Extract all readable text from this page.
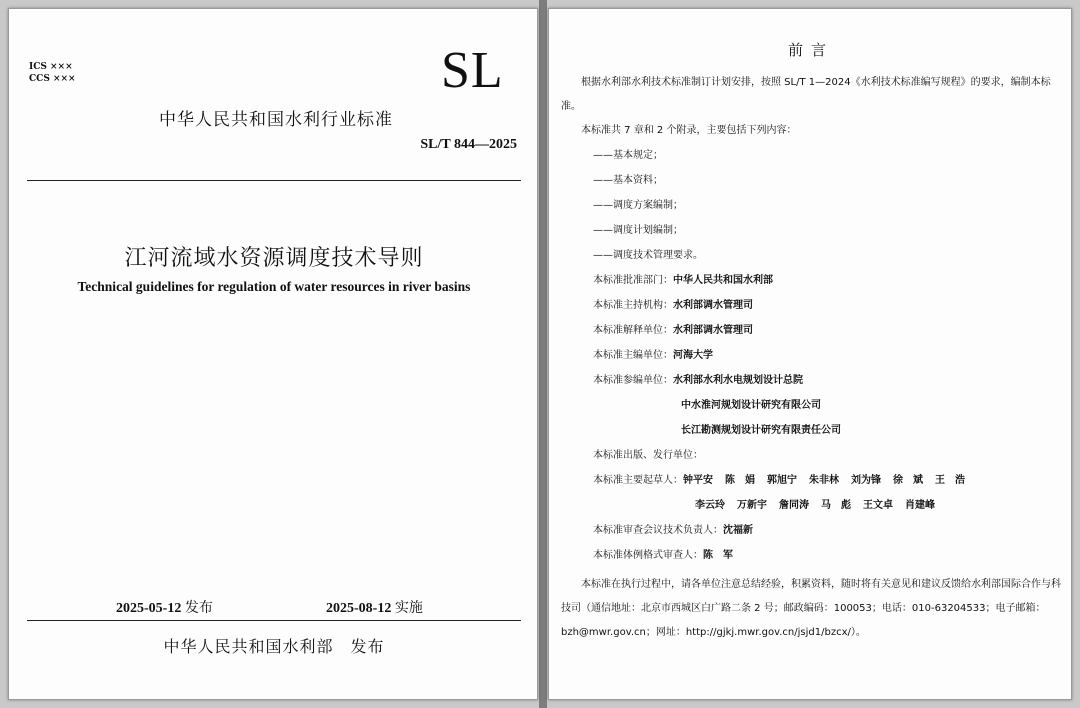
ICS ×××
CCS ×××	SL
中华人民共和国水利行业标准
SL/T 844—2025
江河流域水资源调度技术导则
Technical guidelines for regulation of water resources in river basins
2025-05-12 发布	2025-08-12 实施
中华人民共和国水利部　发布
前言
根据水利部水利技术标准制订计划安排，按照 SL/T 1—2024《水利技术标准编写规程》的要求，编制本标准。
本标准共 7 章和 2 个附录，主要包括下列内容：
——基本规定；
——基本资料；
——调度方案编制；
——调度计划编制；
——调度技术管理要求。
本标准批准部门：中华人民共和国水利部
本标准主持机构：水利部调水管理司
本标准解释单位：水利部调水管理司
本标准主编单位：河海大学
本标准参编单位：水利部水利水电规划设计总院
中水淮河规划设计研究有限公司
长江勘测规划设计研究有限责任公司
本标准出版、发行单位：
本标准主要起草人：钟平安 陈　娟 郭旭宁 朱非林 刘为锋 徐　斌 王　浩
李云玲 万新宇 詹同涛 马　彪 王文卓 肖建峰
本标准审查会议技术负责人：沈福新
本标准体例格式审查人：陈　军
本标准在执行过程中，请各单位注意总结经验，积累资料，随时将有关意见和建议反馈给水利部国际合作与科技司（通信地址：北京市西城区白广路二条 2 号；邮政编码：100053；电话：010-63204533；电子邮箱：bzh@mwr.gov.cn；网址：http://gjkj.mwr.gov.cn/jsjd1/bzcx/）。
